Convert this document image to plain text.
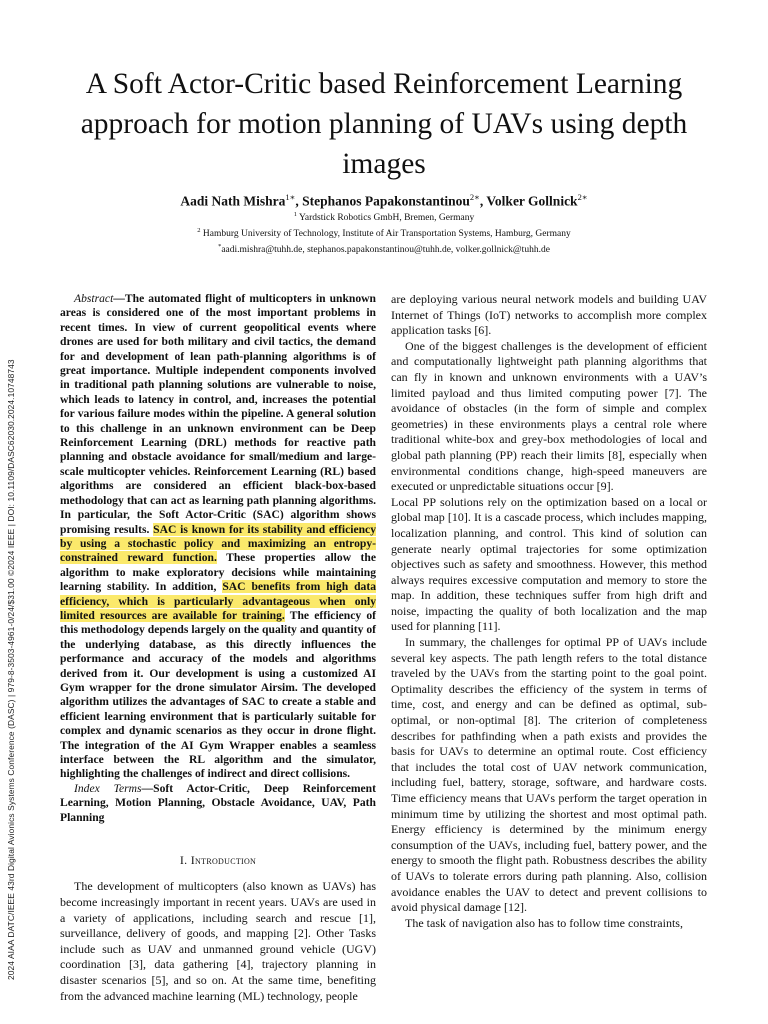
2024 AIAA DATC/IEEE 43rd Digital Avionics Systems Conference (DASC) | 979-8-3503-4961-0/24/$31.00 ©2024 IEEE | DOI: 10.1109/DASC62030.2024.10748743
A Soft Actor-Critic based Reinforcement Learning approach for motion planning of UAVs using depth images
Aadi Nath Mishra$^{1∗}$, Stephanos Papakonstantinou$^{2∗}$, Volker Gollnick$^{2∗}$
$^1$ Yardstick Robotics GmbH, Bremen, Germany
$^2$ Hamburg University of Technology, Institute of Air Transportation Systems, Hamburg, Germany
*aadi.mishra@tuhh.de, stephanos.papakonstantinou@tuhh.de, volker.gollnick@tuhh.de

Abstract—The automated flight of multicopters in unknown areas is considered one of the most important problems in recent times. In view of current geopolitical events where drones are used for both military and civil tactics, the demand for and development of lean path-planning algorithms is of great importance. Multiple independent components involved in traditional path planning solutions are vulnerable to noise, which leads to latency in control, and, increases the potential for various failure modes within the pipeline. A general solution to this challenge in an unknown environment can be Deep Reinforcement Learning (DRL) methods for reactive path planning and obstacle avoidance for small/medium and large-scale multicopter vehicles. Reinforcement Learning (RL) based algorithms are considered an efficient black-box-based methodology that can act as learning path planning algorithms. In particular, the Soft Actor-Critic (SAC) algorithm shows promising results. SAC is known for its stability and efficiency by using a stochastic policy and maximizing an entropy-constrained reward function. These properties allow the algorithm to make exploratory decisions while maintaining learning stability. In addition, SAC benefits from high data efficiency, which is particularly advantageous when only limited resources are available for training. The efficiency of this methodology depends largely on the quality and quantity of the underlying database, as this directly influences the performance and accuracy of the models and algorithms derived from it. Our development is using a customized AI Gym wrapper for the drone simulator Airsim. The developed algorithm utilizes the advantages of SAC to create a stable and efficient learning environment that is particularly suitable for complex and dynamic scenarios as they occur in drone flight. The integration of the AI Gym Wrapper enables a seamless interface between the RL algorithm and the simulator, highlighting the challenges of indirect and direct collisions.

Index Terms—Soft Actor-Critic, Deep Reinforcement Learning, Motion Planning, Obstacle Avoidance, UAV, Path Planning

I. Introduction

The development of multicopters (also known as UAVs) has become increasingly important in recent years. UAVs are used in a variety of applications, including search and rescue [1], surveillance, delivery of goods, and mapping [2]. Other Tasks include such as UAV and unmanned ground vehicle (UGV) coordination [3], data gathering [4], trajectory planning in disaster scenarios [5], and so on. At the same time, benefiting from the advanced machine learning (ML) technology, people

are deploying various neural network models and building UAV Internet of Things (IoT) networks to accomplish more complex application tasks [6].

One of the biggest challenges is the development of efficient and computationally lightweight path planning algorithms that can fly in known and unknown environments with a UAV’s limited payload and thus limited computing power [7]. The avoidance of obstacles (in the form of simple and complex geometries) in these environments plays a central role where traditional white-box and grey-box methodologies of local and global path planning (PP) reach their limits [8], especially when environmental conditions change, high-speed maneuvers are executed or unpredictable situations occur [9].

Local PP solutions rely on the optimization based on a local or global map [10]. It is a cascade process, which includes mapping, localization planning, and control. This kind of solution can generate nearly optimal trajectories for some optimization objectives such as safety and smoothness. However, this method always requires excessive computation and memory to store the map. In addition, these techniques suffer from high drift and noise, impacting the quality of both localization and the map used for planning [11].

In summary, the challenges for optimal PP of UAVs include several key aspects. The path length refers to the total distance traveled by the UAVs from the starting point to the goal point. Optimality describes the efficiency of the system in terms of time, cost, and energy and can be defined as optimal, sub-optimal, or non-optimal [8]. The criterion of completeness describes for pathfinding when a path exists and provides the basis for UAVs to determine an optimal route. Cost efficiency that includes the total cost of UAV network communication, including fuel, battery, storage, software, and hardware costs. Time efficiency means that UAVs perform the target operation in minimum time by utilizing the shortest and most optimal path. Energy efficiency is determined by the minimum energy consumption of the UAVs, including fuel, battery power, and the energy to smooth the flight path. Robustness describes the ability of UAVs to tolerate errors during path planning. Also, collision avoidance enables the UAV to detect and prevent collisions to avoid physical damage [12].

The task of navigation also has to follow time constraints,
